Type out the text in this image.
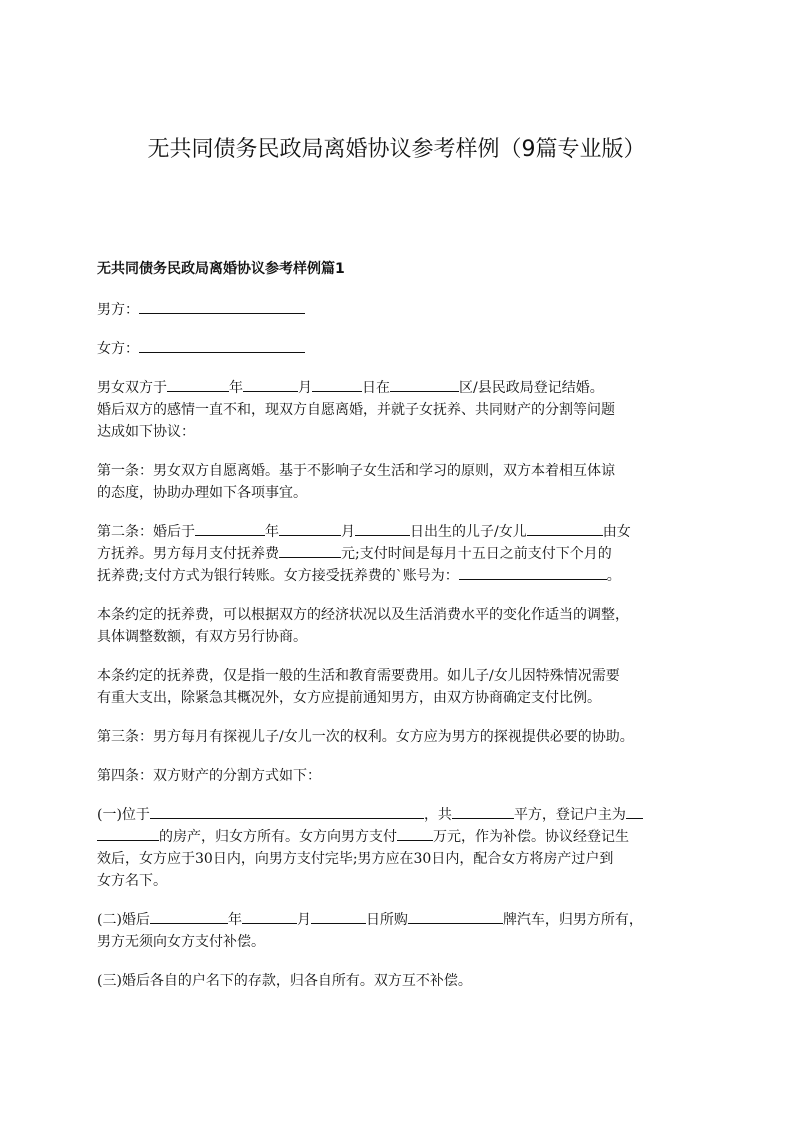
无共同债务民政局离婚协议参考样例（9篇专业版）
无共同债务民政局离婚协议参考样例篇1

男方：

女方：

男女双方于	年	月	日在	区/县民政局登记结婚。
婚后双方的感情一直不和，现双方自愿离婚，并就子女抚养、共同财产的分割等问题
达成如下协议：

第一条：男女双方自愿离婚。基于不影响子女生活和学习的原则，双方本着相互体谅
的态度，协助办理如下各项事宜。

第二条：婚后于	年	月	日出生的儿子/女儿	由女
方抚养。男方每月支付抚养费	元;支付时间是每月十五日之前支付下个月的
抚养费;支付方式为银行转账。女方接受抚养费的`账号为：	。

本条约定的抚养费，可以根据双方的经济状况以及生活消费水平的变化作适当的调整，
具体调整数额，有双方另行协商。

本条约定的抚养费，仅是指一般的生活和教育需要费用。如儿子/女儿因特殊情况需要
有重大支出，除紧急其概况外，女方应提前通知男方，由双方协商确定支付比例。

第三条：男方每月有探视儿子/女儿一次的权利。女方应为男方的探视提供必要的协助。

第四条：双方财产的分割方式如下：

(一)位于	，共	平方，登记户主为
的房产，归女方所有。女方向男方支付	万元，作为补偿。协议经登记生
效后，女方应于30日内，向男方支付完毕;男方应在30日内，配合女方将房产过户到
女方名下。

(二)婚后	年	月	日所购	牌汽车，归男方所有，
男方无须向女方支付补偿。

(三)婚后各自的户名下的存款，归各自所有。双方互不补偿。
